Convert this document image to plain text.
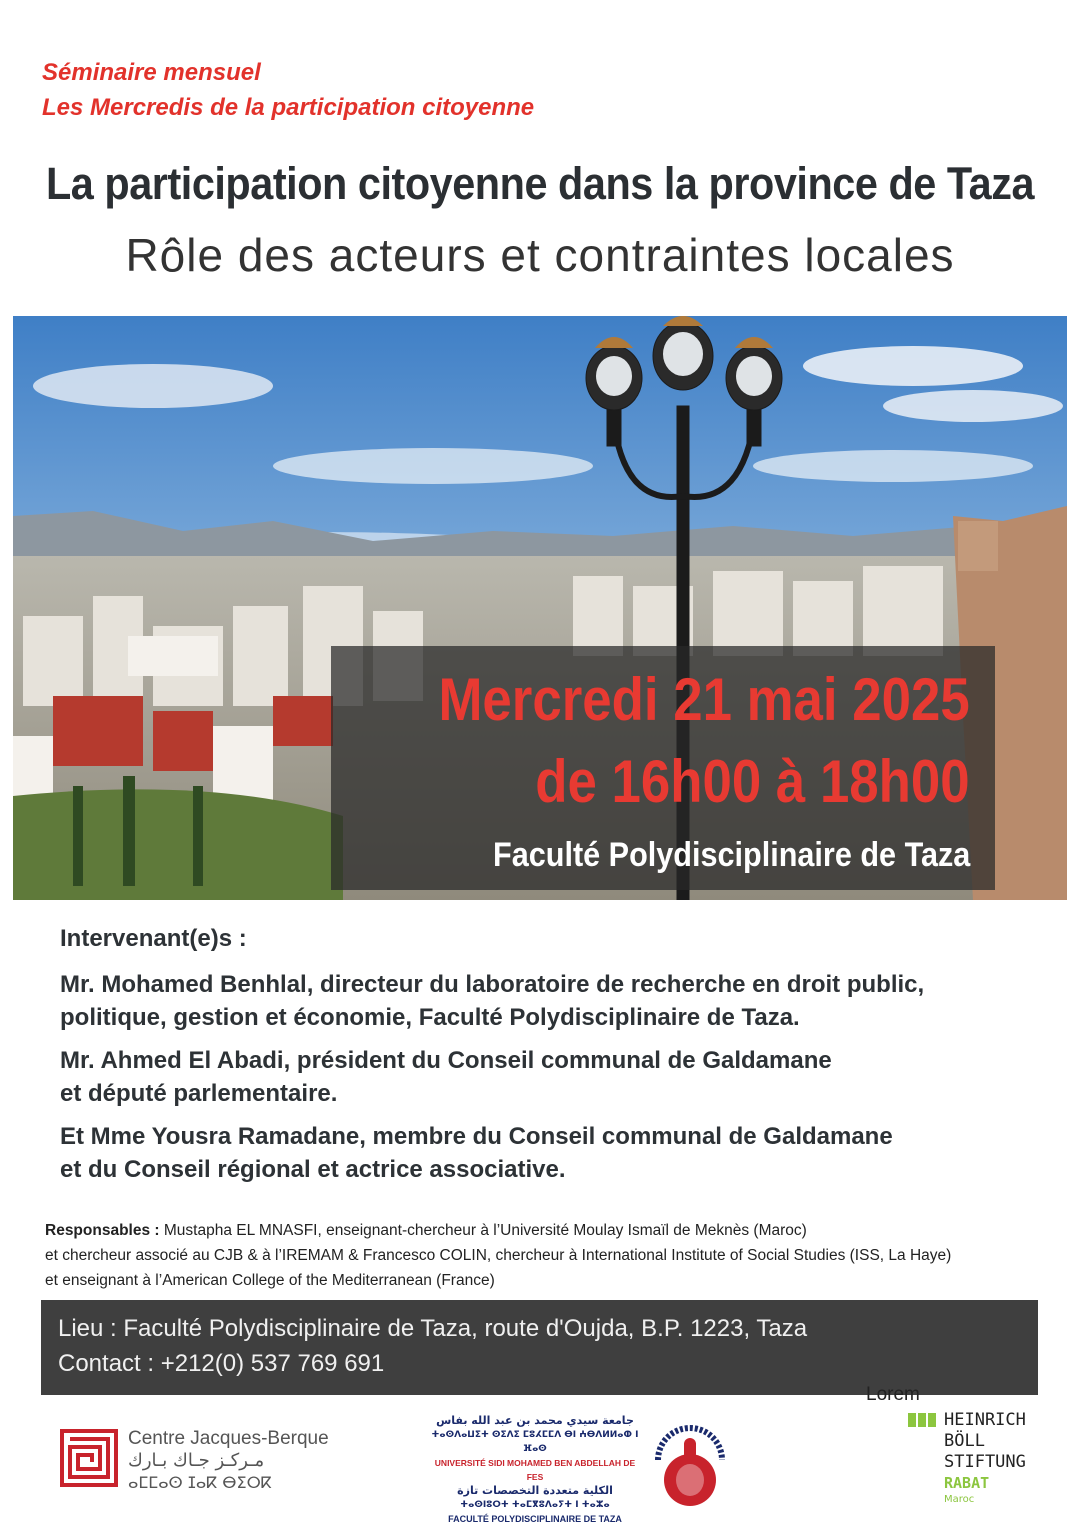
Séminaire mensuel
Les Mercredis de la participation citoyenne
La participation citoyenne dans la province de Taza
Rôle des acteurs et contraintes locales
Mercredi 21 mai 2025
de 16h00 à 18h00
Faculté Polydisciplinaire de Taza

Intervenant(e)s :

Mr. Mohamed Benhlal, directeur du laboratoire de recherche en droit public,
politique, gestion et économie, Faculté Polydisciplinaire de Taza.

Mr. Ahmed El Abadi, président du Conseil communal de Galdamane
et député parlementaire.

Et Mme Yousra Ramadane, membre du Conseil communal de Galdamane
et du Conseil régional et actrice associative.

Responsables : Mustapha EL MNASFI, enseignant-chercheur à l’Université Moulay Ismaïl de Meknès (Maroc)
et chercheur associé au CJB & à l’IREMAM & Francesco COLIN, chercheur à International Institute of Social Studies (ISS, La Haye)
et enseignant à l’American College of the Mediterranean (France)
Lieu : Faculté Polydisciplinaire de Taza, route d'Oujda, B.P. 1223, Taza
Contact : +212(0) 537 769 691
Lorem
Centre Jacques-Berque
مـركـز جـاك بـارك
ⴰⵎⵎⴰⵙ ⵊⴰⴽ ⴱⵉⵔⴽ
جامعة سيدي محمد بن عبد الله بفاس
ⵜⴰⵙⴷⴰⵡⵉⵜ ⵙⵉⴷⵉ ⵎⵓⵃⵎⵎⴷ ⴱⵏ ⵄⴱⴷⵍⵍⴰⵀ ⵏ ⴼⴰⵙ
UNIVERSITÉ SIDI MOHAMED BEN ABDELLAH DE FES
الكلية متعددة التخصصات تازة
ⵜⴰⵙⵏⵓⵔⵜ ⵜⴰⵎⴳⵓⴷⴰⵢⵜ ⵏ ⵜⴰⵣⴰ
FACULTÉ POLYDISCIPLINAIRE DE TAZA
HEINRICH
BÖLL
STIFTUNG
RABAT
Maroc
